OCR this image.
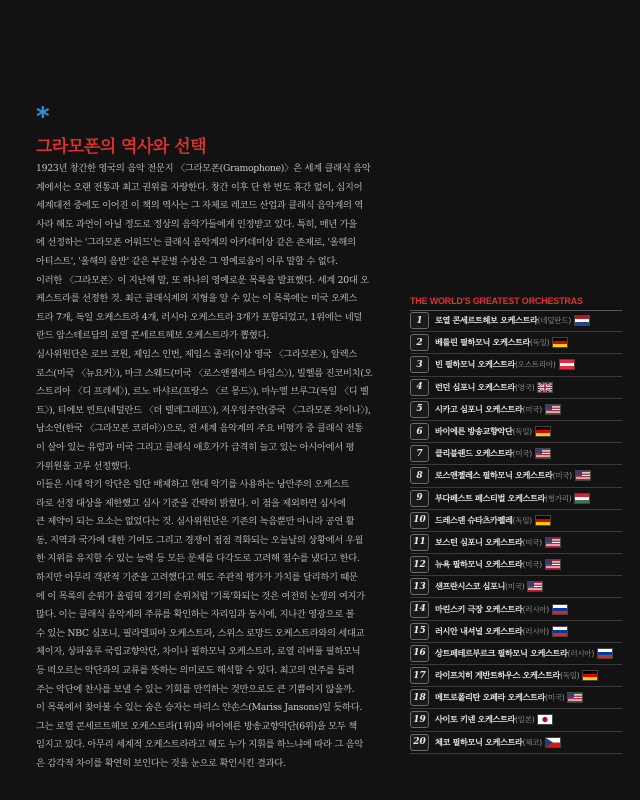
*
그라모폰의 역사와 선택

1923년 창간한 영국의 음악 전문지 〈그라모폰(Gramophone)〉은 세계 클래식 음악

계에서는 오랜 전통과 최고 권위를 자랑한다. 창간 이후 단 한 번도 휴간 없이, 십지어

세계대전 중에도 이어진 이 책의 역사는 그 자체로 레코드 산업과 클래식 음악계의 역

사라 해도 과언이 아닐 정도로 정상의 음악가들에게 인정받고 있다. 특히, 매년 가을

에 선정하는 '그라모폰 어워드'는 클래식 음악계의 아카데미상 같은 존재로, '올해의

아티스트', '올해의 음반' 같은 부문별 수상은 그 영예로움이 이루 말할 수 없다.

이러한 〈그라모폰〉이 지난해 말, 또 하나의 영예로운 목록을 발표했다. 세계 20대 오

케스트라를 선정한 것. 최근 클래식계의 지형을 알 수 있는 이 목록에는 미국 오케스

트라 7개, 독일 오케스트라 4개, 러시아 오케스트라 3개가 포함되었고, 1위에는 네덜

란드 암스테르담의 로열 콘세르트헤보 오케스트라가 뽑혔다.

심사위원단은 로브 코원, 제임스 인번, 제임스 졸리(이상 영국 〈그라모폰〉), 알렉스

로스(미국 〈뉴요커〉), 마크 스웨드(미국 〈로스앤젤레스 타임스〉), 빌헬름 진코비치(오

스트리아 〈디 프레세〉), 르노 마샤르(프랑스 〈르 몽드〉), 마누엘 브루그(독일 〈디 벨

트〉), 티에보 빈트(네덜란드 〈더 텔레그래프〉), 저우잉주안(중국 〈그라모폰 차이나〉),

남소연(한국 〈그라모폰 코리아〉)으로, 전 세계 음악계의 주요 비평가 중 클래식 전통

이 살아 있는 유럽과 미국 그리고 클래식 애호가가 급격히 늘고 있는 아시아에서 평

가위원을 고루 선정했다.

이들은 시대 악기 악단은 일단 배제하고 현대 악기를 사용하는 낭만주의 오케스트

라로 선정 대상을 제한했고 심사 기준을 간략히 밝혔다. 이 점을 제외하면 심사에

큰 제약이 되는 요소는 없었다는 것. 심사위원단은 기존의 녹음뿐만 아니라 공연 활

동, 지역과 국가에 대한 기여도 그리고 경쟁이 점점 격화되는 오늘날의 상황에서 우월

한 지위를 유지할 수 있는 능력 등 모든 문제를 다각도로 고려해 점수를 냈다고 한다.

하지만 아무리 객관적 기준을 고려했다고 해도 주관적 평가가 가치를 달리하기 때문

에 이 목록의 순위가 올림픽 경기의 순위처럼 '기록'화되는 것은 여전히 논쟁의 여지가

많다. 이는 클래식 음악계의 주류를 확인하는 자리임과 동시에, 지나간 영광으로 볼

수 있는 NBC 심포니, 필라델피아 오케스트라, 스위스 로망드 오케스트라와의 세대교

체이자, 상파울루 국립교향악단, 차이나 필하모닉 오케스트라, 로열 리버풀 필하모닉

등 떠오르는 악단과의 교류를 뜻하는 의미로도 해석할 수 있다. 최고의 연주를 들려

주는 악단에 찬사를 보낼 수 있는 기회를 만끽하는 것만으로도 큰 기쁨이지 않을까.

이 목록에서 찾아볼 수 있는 숨은 승자는 마리스 얀손스(Mariss Jansons)일 듯하다.

그는 로열 콘세르트헤보 오케스트라(1위)와 바이에른 방송교향악단(6위)을 모두 책

임지고 있다. 아무리 세계적 오케스트라라고 해도 누가 지휘를 하느냐에 따라 그 음악

은 감각적 차이를 확연히 보인다는 것을 눈으로 확인시킨 결과다.

THE WORLD'S GREATEST ORCHESTRAS
1	로열 콘세르트헤보 오케스트라 (네덜란드)
2	베를린 필하모닉 오케스트라 (독일)
3	빈 필하모닉 오케스트라 (오스트리아)
4	런던 심포니 오케스트라 (영국)
5	시카고 심포니 오케스트라 (미국)
6	바이에른 방송교향악단 (독일)
7	클리블랜드 오케스트라 (미국)
8	로스앤젤레스 필하모닉 오케스트라 (미국)
9	부다페스트 페스티벌 오케스트라 (헝가리)
10	드레스덴 슈타츠카펠레 (독일)
11	보스턴 심포니 오케스트라 (미국)
12	뉴욕 필하모닉 오케스트라 (미국)
13	샌프란시스코 심포니 (미국)
14	마린스키 극장 오케스트라 (러시아)
15	러시안 내셔널 오케스트라 (러시아)
16	상트페테르부르크 필하모닉 오케스트라 (러시아)
17	라이프치히 게반트하우스 오케스트라 (독일)
18	메트로폴리탄 오페라 오케스트라 (미국)
19	사이토 키넨 오케스트라 (일본)
20	체코 필하모닉 오케스트라 (체코)
